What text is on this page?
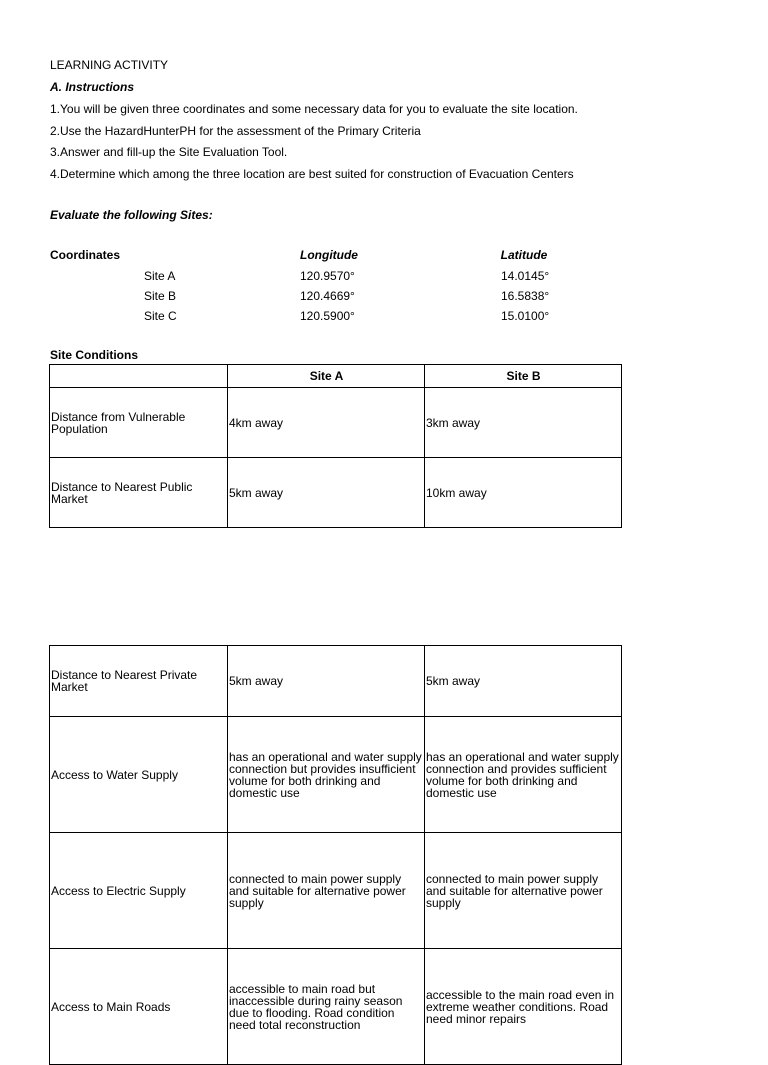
LEARNING ACTIVITY
A. Instructions
1.You will be given three coordinates and some necessary data for you to evaluate the site location.
2.Use the HazardHunterPH for the assessment of the Primary Criteria
3.Answer and fill-up the Site Evaluation Tool.
4.Determine which among the three location are best suited for construction of Evacuation Centers
Evaluate the following Sites:
Coordinates	Longitude	Latitude
Site A	120.9570°	14.0145°
Site B	120.4669°	16.5838°
Site C	120.5900°	15.0100°
Site Conditions
	Site A	Site B
Distance from Vulnerable Population	4km away	3km away
Distance to Nearest Public Market	5km away	10km away
Distance to Nearest Private Market	5km away	5km away
Access to Water Supply	has an operational and water supply connection but provides insufficient volume for both drinking and domestic use	has an operational and water supply connection and provides sufficient volume for both drinking and domestic use
Access to Electric Supply	connected to main power supply and suitable for alternative power supply	connected to main power supply and suitable for alternative power supply
Access to Main Roads	accessible to main road but inaccessible during rainy season due to flooding. Road condition need total reconstruction	accessible to the main road even in extreme weather conditions. Road need minor repairs
